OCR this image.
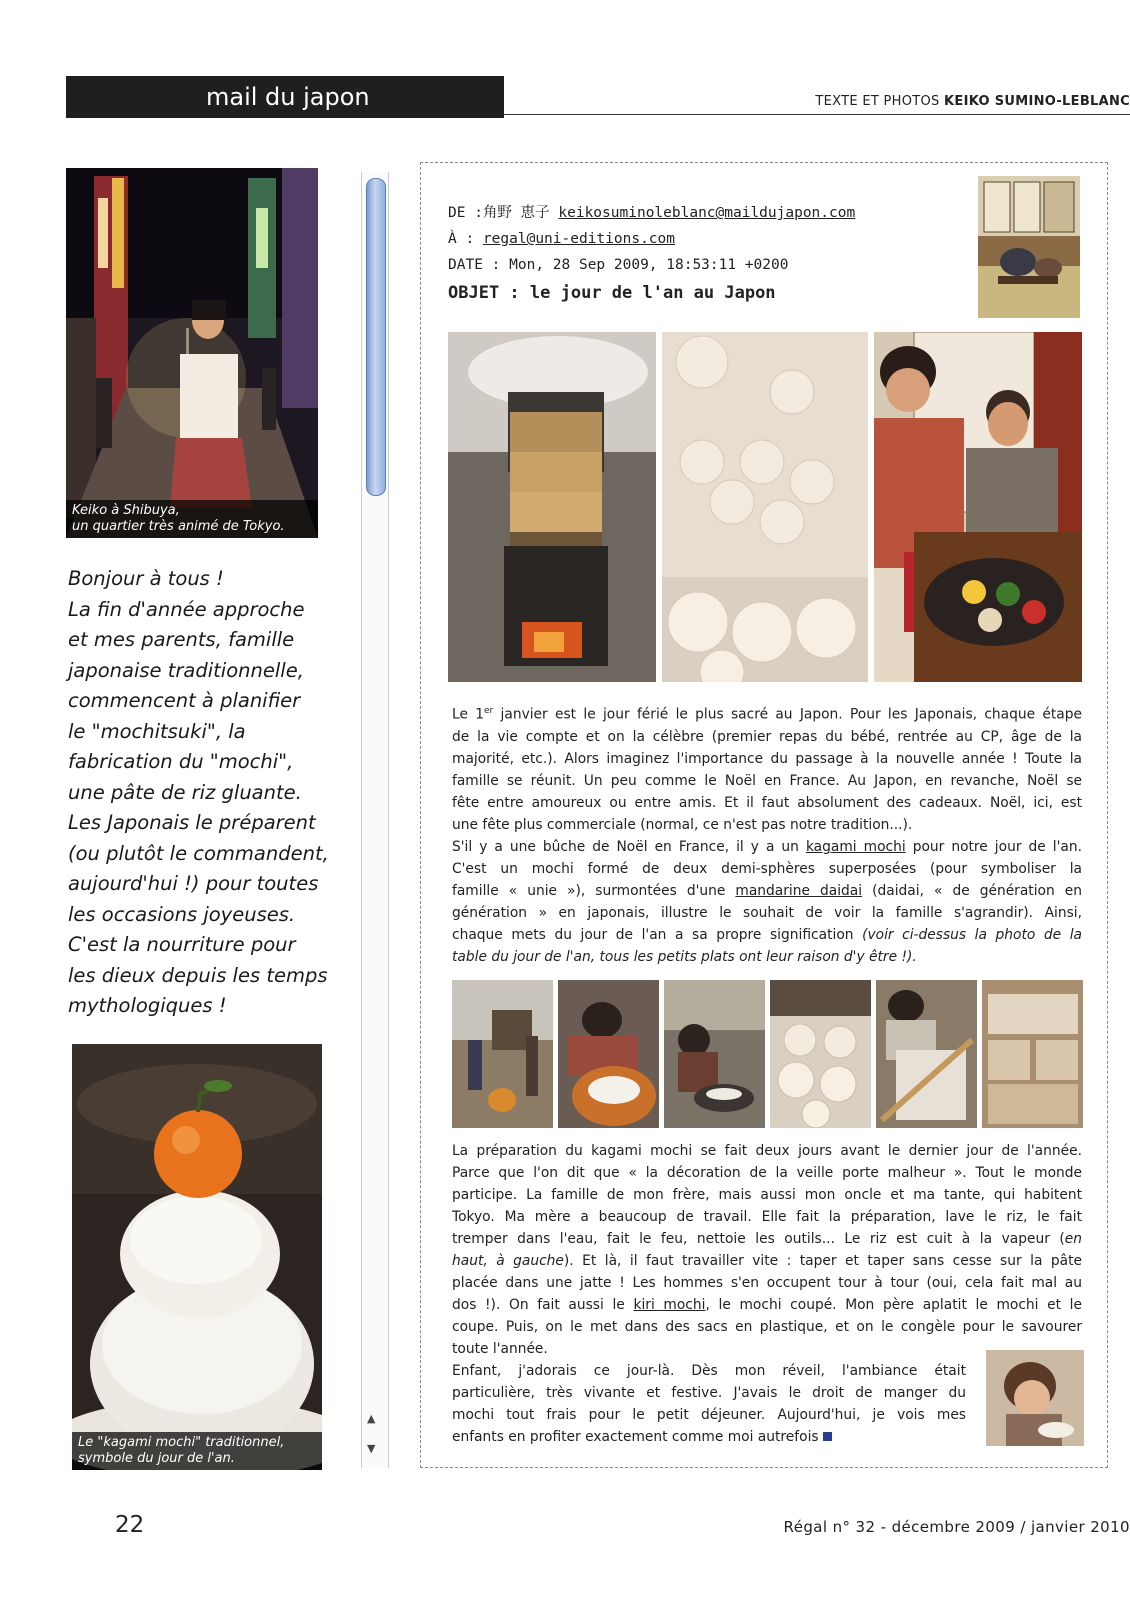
mail du japon	TEXTE ET PHOTOS KEIKO SUMINO-LEBLANC
Keiko à Shibuya,
un quartier très animé de Tokyo.
Bonjour à tous !
La fin d'année approche
et mes parents, famille
japonaise traditionnelle,
commencent à planifier
le "mochitsuki", la
fabrication du "mochi",
une pâte de riz gluante.
Les Japonais le préparent
(ou plutôt le commandent,
aujourd'hui !) pour toutes
les occasions joyeuses.
C'est la nourriture pour
les dieux depuis les temps
mythologiques !
Le "kagami mochi" traditionnel,
symbole du jour de l'an.
▲
▼
DE :角野 恵子 keikosuminoleblanc@maildujapon.com
À : regal@uni-editions.com
DATE : Mon, 28 Sep 2009, 18:53:11 +0200
OBJET : le jour de l'an au Japon
Le 1er janvier est le jour férié le plus sacré au Japon. Pour les Japonais, chaque étape
de la vie compte et on la célèbre (premier repas du bébé, rentrée au CP, âge de la
majorité, etc.). Alors imaginez l'importance du passage à la nouvelle année ! Toute la
famille se réunit. Un peu comme le Noël en France. Au Japon, en revanche, Noël se
fête entre amoureux ou entre amis. Et il faut absolument des cadeaux. Noël, ici, est
une fête plus commerciale (normal, ce n'est pas notre tradition...).
S'il y a une bûche de Noël en France, il y a un kagami mochi pour notre jour de l'an.
C'est un mochi formé de deux demi-sphères superposées (pour symboliser la
famille « unie »), surmontées d'une mandarine daidai (daidai, « de génération en
génération » en japonais, illustre le souhait de voir la famille s'agrandir). Ainsi,
chaque mets du jour de l'an a sa propre signification (voir ci-dessus la photo de la
table du jour de l'an, tous les petits plats ont leur raison d'y être !).
La préparation du kagami mochi se fait deux jours avant le dernier jour de l'année.
Parce que l'on dit que « la décoration de la veille porte malheur ». Tout le monde
participe. La famille de mon frère, mais aussi mon oncle et ma tante, qui habitent
Tokyo. Ma mère a beaucoup de travail. Elle fait la préparation, lave le riz, le fait
tremper dans l'eau, fait le feu, nettoie les outils... Le riz est cuit à la vapeur (en
haut, à gauche). Et là, il faut travailler vite : taper et taper sans cesse sur la pâte
placée dans une jatte ! Les hommes s'en occupent tour à tour (oui, cela fait mal au
dos !). On fait aussi le kiri mochi, le mochi coupé. Mon père aplatit le mochi et le
coupe. Puis, on le met dans des sacs en plastique, et on le congèle pour le savourer
toute l'année.
Enfant, j'adorais ce jour-là. Dès mon réveil, l'ambiance était
particulière, très vivante et festive. J'avais le droit de manger du
mochi tout frais pour le petit déjeuner. Aujourd'hui, je vois mes
enfants en profiter exactement comme moi autrefois
22	Régal n° 32 - décembre 2009 / janvier 2010
